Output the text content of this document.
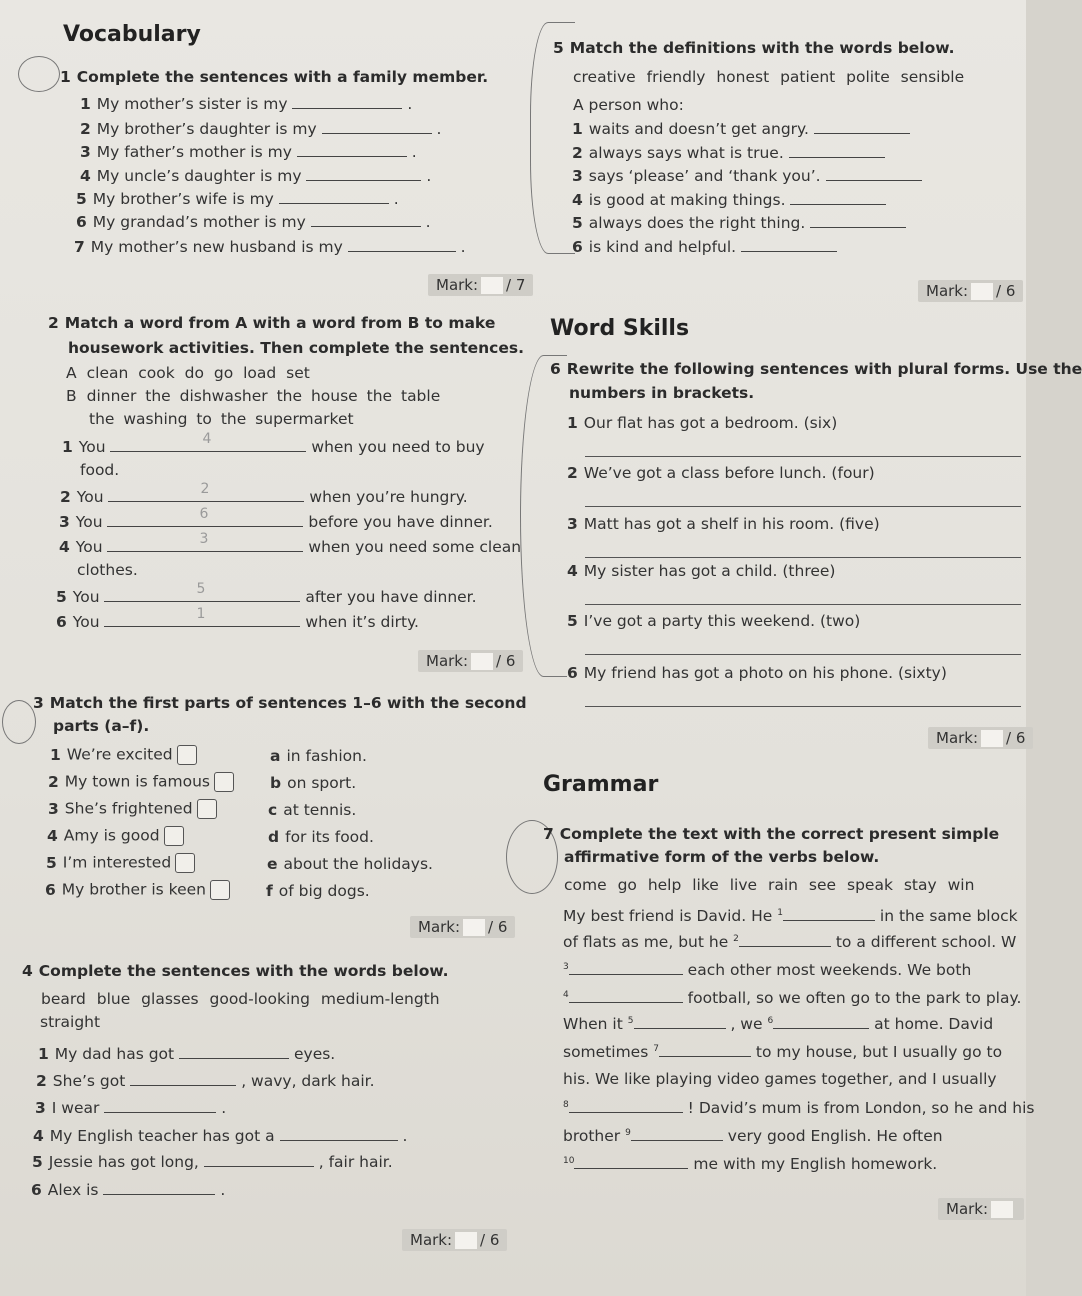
Vocabulary
1 Complete the sentences with a family member.
1 My mother’s sister is my	.
2 My brother’s daughter is my	.
3 My father’s mother is my	.
4 My uncle’s daughter is my	.
5 My brother’s wife is my	.
6 My grandad’s mother is my	.
7 My mother’s new husband is my	.
Mark: / 7
2 Match a word from A with a word from B to make
housework activities. Then complete the sentences.
A clean cook do go load set
B dinner the dishwasher the house the table
the washing to the supermarket
1 You	4	when you need to buy
food.
2 You	2	when you’re hungry.
3 You	6	before you have dinner.
4 You	3	when you need some clean
clothes.
5 You	5	after you have dinner.
6 You	1	when it’s dirty.
Mark: / 6
3 Match the first parts of sentences 1–6 with the second
parts (a–f).
1 We’re excited	a in fashion.
2 My town is famous	b on sport.
3 She’s frightened	c at tennis.
4 Amy is good	d for its food.
5 I’m interested	e about the holidays.
6 My brother is keen	f of big dogs.
Mark: / 6
4 Complete the sentences with the words below.
beard blue glasses good-looking medium-length
straight
1 My dad has got	eyes.
2 She’s got	, wavy, dark hair.
3 I wear	.
4 My English teacher has got a	.
5 Jessie has got long,	, fair hair.
6 Alex is	.
Mark: / 6
5 Match the definitions with the words below.
creative friendly honest patient polite sensible
A person who:
1 waits and doesn’t get angry.
2 always says what is true.
3 says ‘please’ and ‘thank you’.
4 is good at making things.
5 always does the right thing.
6 is kind and helpful.
Mark: / 6
Word Skills
6 Rewrite the following sentences with plural forms. Use the
numbers in brackets.
1 Our flat has got a bedroom. (six)
2 We’ve got a class before lunch. (four)
3 Matt has got a shelf in his room. (five)
4 My sister has got a child. (three)
5 I’ve got a party this weekend. (two)
6 My friend has got a photo on his phone. (sixty)
Mark: / 6
Grammar
7 Complete the text with the correct present simple
affirmative form of the verbs below.
come go help like live rain see speak stay win
My best friend is David. He $^1$	in the same block
of flats as me, but he $^2$	to a different school. W
$^3$	each other most weekends. We both
$^4$	football, so we often go to the park to play.
When it $^5$	, we $^6$	at home. David
sometimes $^7$	to my house, but I usually go to
his. We like playing video games together, and I usually
$^8$	! David’s mum is from London, so he and his
brother $^9$	very good English. He often
$^{10}$	me with my English homework.
Mark:
